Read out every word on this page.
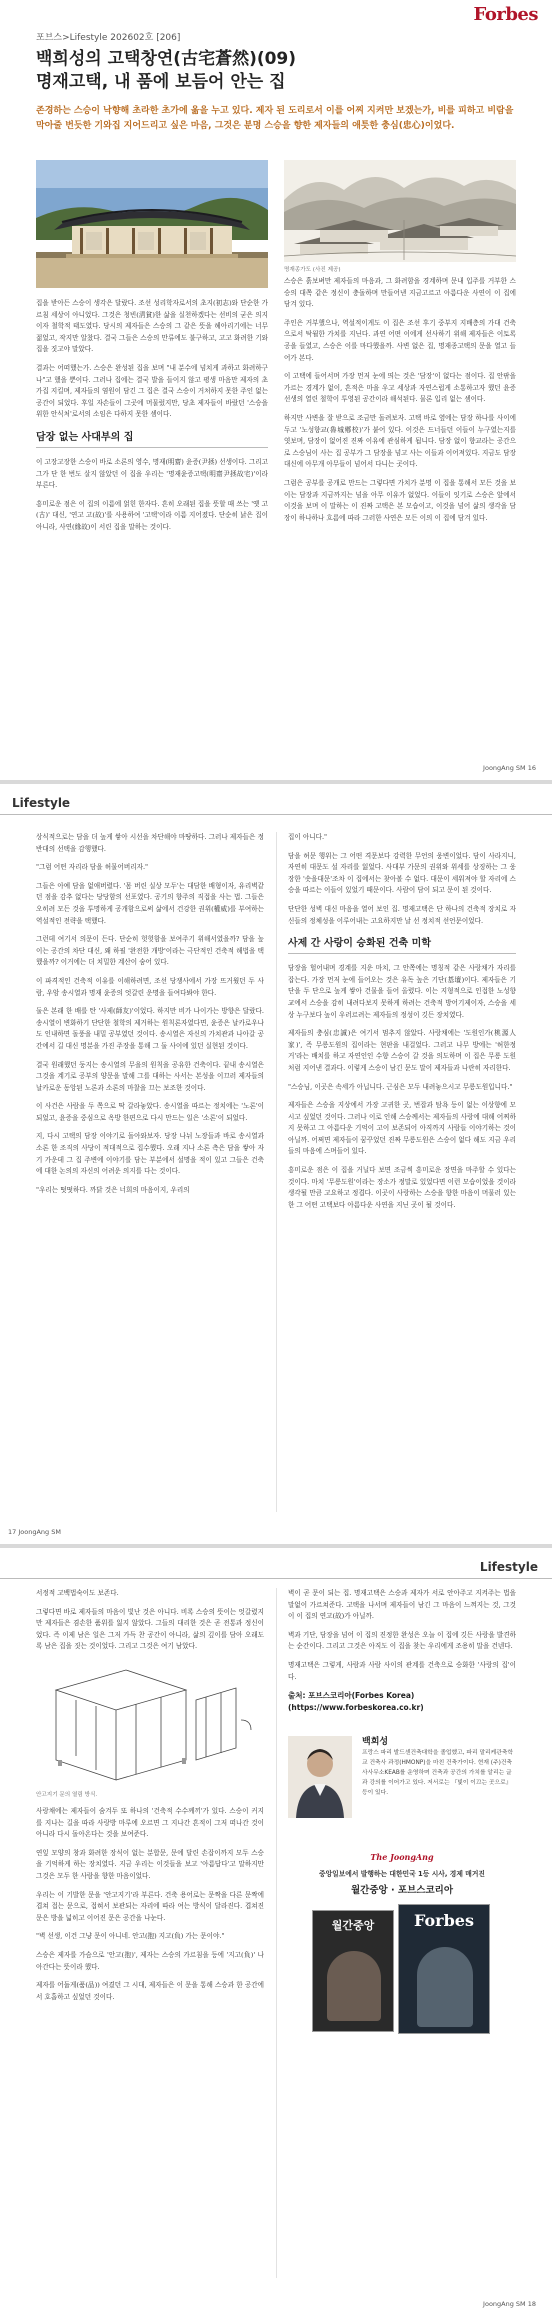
Forbes
포브스>Lifestyle 202602호 [206]
백희성의 고택창연(古宅蒼然)(09)
명재고택, 내 품에 보듬어 안는 집
존경하는 스승이 낙향해 초라한 초가에 옮을 누고 있다. 제자 된 도리로서 이를 어찌 지켜만 보겠는가, 비를 피하고 비람을 막아줄 번듯한 기와집 지어드리고 싶은 마음, 그것은 분명 스승을 향한 제자들의 애틋한 충심(忠心)이었다.
명재종가도 (사진 제공)

집을 받아든 스승이 생각은 달랐다. 조선 성리학자로서의 초지(初志)와 단순한 가르침 세상이 아니었다. 그것은 청빈(淸貧)한 삶을 실천하겠다는 선비의 굳은 의지이자 철학적 태도였다. 당시의 제자들은 스승의 그 같은 뜻을 헤아리기에는 너무 젊었고, 작지만 알찼다. 결국 그들은 스승의 만류에도 불구하고, 고고 화려한 기와집을 짓고야 말았다.

결과는 어떠했는가. 스승은 완성된 집을 보며 "내 분수에 넘치게 과하고 화려하구나"고 했을 뿐이다. 그러나 집에는 결국 발을 들이지 않고 평생 마음만 제자의 초가집 지킬며, 제자들의 염원이 담긴 그 집은 결국 스승이 거처하지 못한 주인 없는 공간이 되었다. 후일 자손들이 그곳에 머물렀지만, 당초 제자들이 바랐던 '스승을 위한 안식처'로서의 소임은 다하지 못한 셈이다.

담장 없는 사대부의 집

이 고장고장한 스승이 바로 소론의 영수, 명재(明齋) 윤증(尹拯) 선생이다. 그리고 그가 단 한 번도 살지 않았던 이 집을 우리는 '명재윤증고택(明齋尹拯故宅)'이라 부른다.

흥미로운 점은 이 집의 이름에 얽힌 한자다. 흔히 오래된 집을 뜻할 때 쓰는 '옛 고(古)' 대신, '연고 고(故)'를 사용하여 '고택'이라 이름 지어졌다. 단순히 낡은 집이 아니라, 사연(緣故)이 서린 집을 말하는 것이다.

스승은 흙보벼만 제자들의 마음과, 그 화려함을 경계하며 문내 입주를 거부한 스승의 대쪽 같은 정신이 충돌하며 만들어낸 지금고르고 아름다운 사연이 이 집에 담겨 있다.

주인은 거부했으나, 역설적이게도 이 집은 조선 후기 중부지 지배층의 가대 건축으로서 탁월한 가치를 지닌다. 과연 어떤 이에게 선사하기 위해 제자들은 이토록 공을 들였고, 스승은 이를 마다했을까. 사변 없은 집, 명재종고택의 문을 열고 들어가 본다.

이 고택에 들어서며 가장 먼저 눈에 띄는 것은 '담장'이 없다는 점이다. 집 안팎을 가르는 경계가 없이, 흔적은 마을 우고 세상과 자연스럽게 소통하고자 했던 윤증 선생의 열린 철학이 투영된 공간이라 해석된다. 물론 입리 없는 셈이다.

하지만 사변을 잘 받으로 조금만 돌려보자. 고택 바로 옆에는 담장 하나를 사이에 두고 '노성향교(魯城鄕校)'가 붙어 있다. 이것은 드너들던 이들이 누구였는지를 엿보며, 담장이 없어진 진짜 이유에 관심하게 됩니다. 담장 없이 향교라는 공간으로 스승님이 사는 집 공부가 그 담장을 넘고 사는 이들과 이어져있다. 지금도 담장 대신에 아무개 아무들이 넘어서 다니는 곳이다.

그럼은 공부를 공개로 만드는 그렇다면 가치가 분명 이 집을 통해서 모든 것을 보이는 담장과 지금까지는 넘을 아무 이유가 없었다. 이들이 잇기로 스승은 앞에서 이것을 보며 이 말하는 이 진짜 고택은 본 모습이고, 이것을 넘어 삶의 생각을 담장이 하나하나 흐름에 따라 그러한 사연은 모든 이의 이 집에 담겨 있다.

JoongAng SM 16
Lifestyle

상식적으로는 담을 더 높게 쌓아 시선을 차단해야 마땅하다. 그러나 제자들은 정반대의 선택을 감행했다.

"그럼 어떤 자리라 담을 허물어버리자."

그들은 아예 담을 없애버렸다. '몸 버린 실상 모두'는 대담한 배형이자, 유리벽같던 점을 감추 없다는 당당함의 선포였다. 공기의 향주의 직접을 사는 법. 그들은 오히려 모든 것을 투명하게 공개함으로써 삶에서 건강한 권위(權威)를 부여하는 역설적인 전략을 택했다.

그런데 여기서 의문이 든다. 단순히 헛헛함을 보여주기 위해서였을까? 담을 높이는 공간의 차단 대신, 왜 하필 '완전한 개방'이라는 극단적인 건축적 해법을 택했을까? 이거에는 더 치밀한 계산이 숨어 있다.

이 파격적인 건축적 이유를 이해하려면, 조선 당쟁사에서 가장 뜨거웠던 두 사람, 우암 송시열과 명재 윤증의 엇갈린 운명을 들여다봐야 한다.

둘은 본래 한 배를 탄 '사제(師友)'이었다. 하지만 비가 나이가는 방향은 달랐다. 송시열이 변화하기 단단한 철학의 제거하는 원칙론자였다면, 윤증은 날카로우나도 인내하면 돌풍을 내밀 공부였던 것이다. 송시열은 자신의 가치관과 나아갈 공간에서 길 대신 명분을 가진 주장을 통해 그 둘 사이에 있던 실현된 것이다.

결국 원래했던 둥지는 송시열의 무을의 원칙을 공유한 건축이다. 끝내 송시열은 그것을 계기로 공부의 양문을 말해 그를 대하는 사서는 본성을 이끄러 제자들의 날카로운 동앙된 노론과 소론의 마찰을 끄는 보조한 것이다.

이 사건은 사람을 두 쪽으로 딱 갈라놓았다. 송시열을 따르는 정치에는 '노론'이 되었고, 윤증을 중심으로 옥방 한편으로 다시 만드는 일은 '소론'이 되었다.

지, 다시 고택의 담장 이야기로 돌아와보자. 당장 나뉘 노장들과 바로 송시열과 소론 한 조직의 사당이 적대적으로 집수했다. 오래 지나 소론 측은 담을 쌓아 자기 가운데 그 집 주변에 이야기를 담는 부분에서 설명을 적이 있고 그들은 건축에 대한 논의의 자신의 어려운 의지를 다는 것이다.

"우리는 떳떳하다. 까닭 것은 너희의 마음이지, 우리의

집이 아니다."

담을 허문 행위는 그 어떤 격문보다 강력한 무언의 웅변이었다. 담이 사라지니, 자연히 대문도 설 자리를 잃었다. 사대부 가문의 권위와 위세를 상징하는 그 웅장한 '솟을대문'조차 이 집에서는 찾아볼 수 없다. 대문이 세워져야 할 자리에 스승을 따르는 이들이 있었기 때문이다. 사람이 담이 되고 문이 된 것이다.

단단한 성벽 대신 마음을 열어 보인 집. 명재고택은 단 하나의 건축적 장치로 자신들의 정체성을 이루어내는 고요하지만 날 선 정치적 선언문이었다.

사제 간 사랑이 승화된 건축 미학

담장을 헐어내며 경계를 지운 마치, 그 안쪽에는 명칭적 같은 사랑채가 자리를 잡는다. 가장 먼저 눈에 들어오는 것은 유독 높은 기단(基壇)이다. 제자들은 기단을 두 단으로 높게 쌓아 건물을 들어 올렸다. 이는 지형적으로 인접한 노성향교에서 스승을 감히 내려다보지 못하게 하려는 건축적 방어기제이자, 스승을 세상 누구보다 높이 우러르려는 제자들의 정성이 깃든 장치였다.

제자들의 충심(忠誠)은 여기서 멈추지 않았다. 사랑채에는 '도원인가(桃源人家)', 즉 무릉도원의 집이라는 현판을 내걸었다. 그러고 나무 방에는 '허한정거'라는 배치를 하고 자연인인 수향 스승이 갈 것을 의도하며 이 집은 무릉 도원처럼 지어낸 결과다. 이렇게 스승이 남긴 문도 말이 제자들과 나란히 자리한다.

"스승님, 이곳은 속세가 아닙니다. 근심은 모두 내려놓으시고 무릉도원입니다."

제자들은 스승을 지상에서 가장 고귀한 곳, 번잡과 탐욕 등이 없는 이상향에 모시고 싶었던 것이다. 그러나 이로 인해 스승께서는 제자들의 사랑에 대해 어찌하지 못하고 그 아름다운 기억이 고이 보존되어 아직까지 사람들 이야기하는 것이 아닐까. 어쩌면 제자들이 꿈꾸었던 진짜 무릉도원은 스승이 없다 해도 지금 우리들의 마음에 스며들어 있다.

흥미로운 점은 이 집을 거닐다 보면 조금씩 흥미로운 장면을 마주할 수 있다는 것이다. 마치 '무릉도원'이라는 장소가 정말로 있었다면 이런 모습이었을 것이라 생각될 만큼 고요하고 정겹다. 이곳이 사랑하는 스승을 향한 마음이 머물러 있는 한 그 어떤 고택보다 아름다운 사연을 지닌 곳이 될 것이다.

17 JoongAng SM
Lifestyle

서정적 고백법숙이도 보존다.

그렇다면 바로 제자들의 마음이 빛난 것은 아니다. 비록 스승의 뜻이는 엇갈렸지만 제자들은 겸손한 품위를 잃지 않았다. 그들의 대리한 것은 곧 전통과 정신이었다. 즉 이제 남은 일은 그저 가득 찬 공간이 아니라, 삶의 깊이를 담아 오래도록 남은 집을 짓는 것이었다. 그리고 그것은 여기 남았다.

안고지기 문의 열림 방식.

사랑채에는 제자들이 숨겨두 또 하나의 '건축적 수수께끼'가 있다. 스승이 커지를 지나는 길을 따라 사랑방 마루에 오르면 그 지나간 흔적이 그저 떠나간 것이 아니라 다시 돌아온다는 것을 보여준다.

연잎 모양의 창과 화려한 장식이 없는 분합문, 문에 달린 손잡이까지 모두 스승을 기억하게 하는 장치였다. 지금 우리는 이것들을 보고 '아름답다'고 말하지만 그것은 모두 한 사람을 향한 마음이었다.

우리는 이 기발한 문을 '안고지기'라 부른다. 건축 용어로는 문짝을 다른 문짝에 겹쳐 접는 문으로, 접혀서 보관되는 자리에 따라 여는 방식이 달라진다. 겹쳐진 문은 방을 넓히고 이어진 문은 공간을 나눈다.

"벽 선생, 이건 그냥 문이 아니네. 안고(抱) 지고(負) 가는 문이야."

스승은 제자를 가슴으로 '안고(抱)', 제자는 스승의 가르침을 등에 '지고(負)' 나아간다는 뜻이라 했다.

제자를 어둡게(품(品)) 여겼던 그 시대, 제자들은 이 문을 통해 스승과 한 공간에서 호흡하고 싶었던 것이다.

벽이 곧 문이 되는 집. 명재고택은 스승과 제자가 서로 안아주고 지켜주는 법을 말없이 가르쳐준다. 고택을 나서며 제자들이 남긴 그 마음이 느껴지는 것, 그것이 이 집의 연고(故)가 아닐까.

벽과 기단, 담장을 넘어 이 집의 진정한 완성은 오늘 이 집에 깃든 사랑을 발견하는 순간이다. 그리고 그것은 아직도 이 집을 찾는 우리에게 조용히 말을 건넨다.

명재고택은 그렇게, 사람과 사람 사이의 관계를 건축으로 승화한 '사랑의 집'이다.

출처: 포브스코리아(Forbes Korea)
(https://www.forbeskorea.co.kr)
백희성
프랑스 파리 발드센건축대학을 졸업했고, 파리 말리케관축학교 건축사 과정(HMONP)을 마친 건축가이다. 현재 (주)건축사사무소KEAB를 운영하며 건축과 공간의 가치를 알리는 글과 강의를 이어가고 있다. 저서로는 『빛이 이끄는 곳으로』 등이 있다.
The JoongAng
중앙일보에서 발행하는 대한민국 1등 시사, 경제 매거진
월간중앙 · 포브스코리아
월간중앙	Forbes
JoongAng SM 18
